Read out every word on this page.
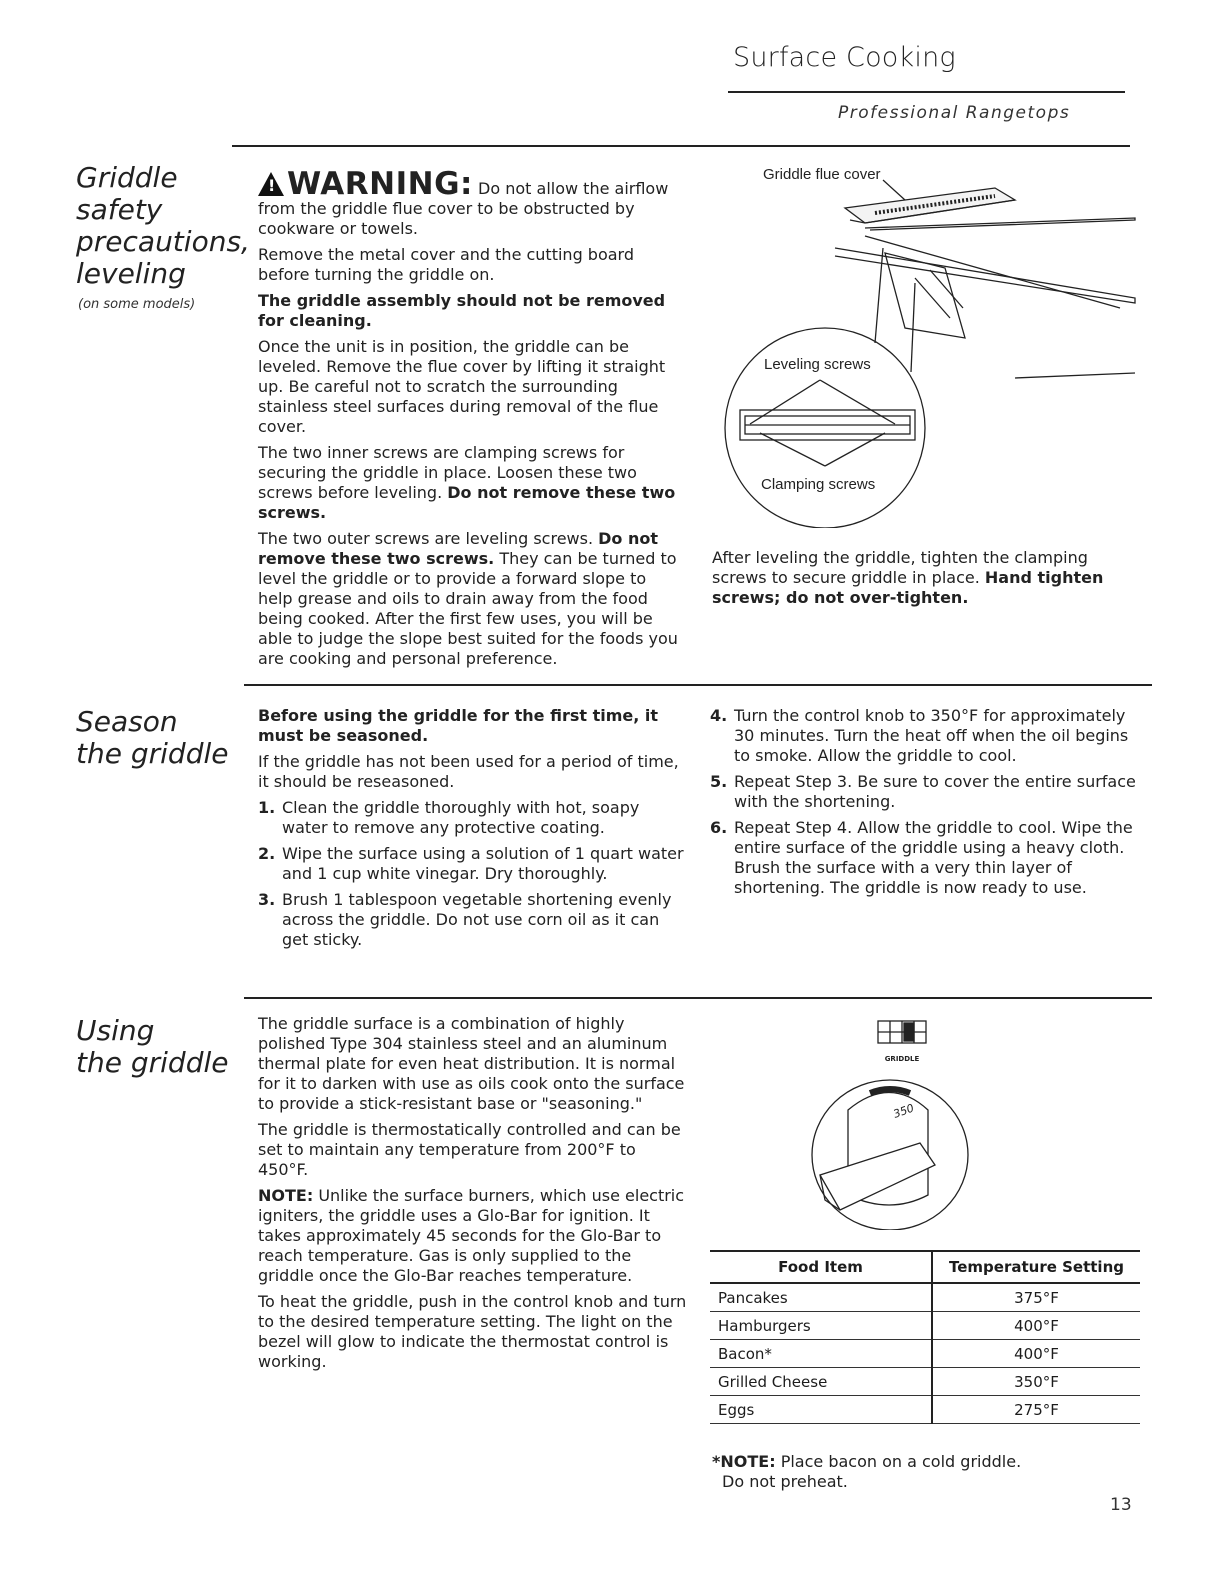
Surface Cooking
Professional Rangetops
Griddle
safety
precautions,
leveling
(on some models)

!WARNING: Do not allow the airflow from the griddle flue cover to be obstructed by cookware or towels.

Remove the metal cover and the cutting board before turning the griddle on.

The griddle assembly should not be removed for cleaning.

Once the unit is in position, the griddle can be leveled. Remove the flue cover by lifting it straight up. Be careful not to scratch the surrounding stainless steel surfaces during removal of the flue cover.

The two inner screws are clamping screws for securing the griddle in place. Loosen these two screws before leveling. Do not remove these two screws.

The two outer screws are leveling screws. Do not remove these two screws. They can be turned to level the griddle or to provide a forward slope to help grease and oils to drain away from the food being cooked. After the first few uses, you will be able to judge the slope best suited for the foods you are cooking and personal preference.

Griddle flue cover
Leveling screws
Clamping screws

After leveling the griddle, tighten the clamping screws to secure griddle in place. Hand tighten screws; do not over-tighten.

Season
the griddle

Before using the griddle for the first time, it must be seasoned.

If the griddle has not been used for a period of time, it should be reseasoned.

1. Clean the griddle thoroughly with hot, soapy water to remove any protective coating.
2. Wipe the surface using a solution of 1 quart water and 1 cup white vinegar. Dry thoroughly.
3. Brush 1 tablespoon vegetable shortening evenly across the griddle. Do not use corn oil as it can get sticky.
4. Turn the control knob to 350°F for approximately 30 minutes. Turn the heat off when the oil begins to smoke. Allow the griddle to cool.
5. Repeat Step 3. Be sure to cover the entire surface with the shortening.
6. Repeat Step 4. Allow the griddle to cool. Wipe the entire surface of the griddle using a heavy cloth. Brush the surface with a very thin layer of shortening. The griddle is now ready to use.
Using
the griddle

The griddle surface is a combination of highly polished Type 304 stainless steel and an aluminum thermal plate for even heat distribution. It is normal for it to darken with use as oils cook onto the surface to provide a stick-resistant base or "seasoning."

The griddle is thermostatically controlled and can be set to maintain any temperature from 200°F to 450°F.

NOTE: Unlike the surface burners, which use electric igniters, the griddle uses a Glo-Bar for ignition. It takes approximately 45 seconds for the Glo-Bar to reach temperature. Gas is only supplied to the griddle once the Glo-Bar reaches temperature.

To heat the griddle, push in the control knob and turn to the desired temperature setting. The light on the bezel will glow to indicate the thermostat control is working.

GRIDDLE
350
Food Item	Temperature Setting
Pancakes	375°F
Hamburgers	400°F
Bacon*	400°F
Grilled Cheese	350°F
Eggs	275°F
*NOTE: Place bacon on a cold griddle.
Do not preheat.
13
